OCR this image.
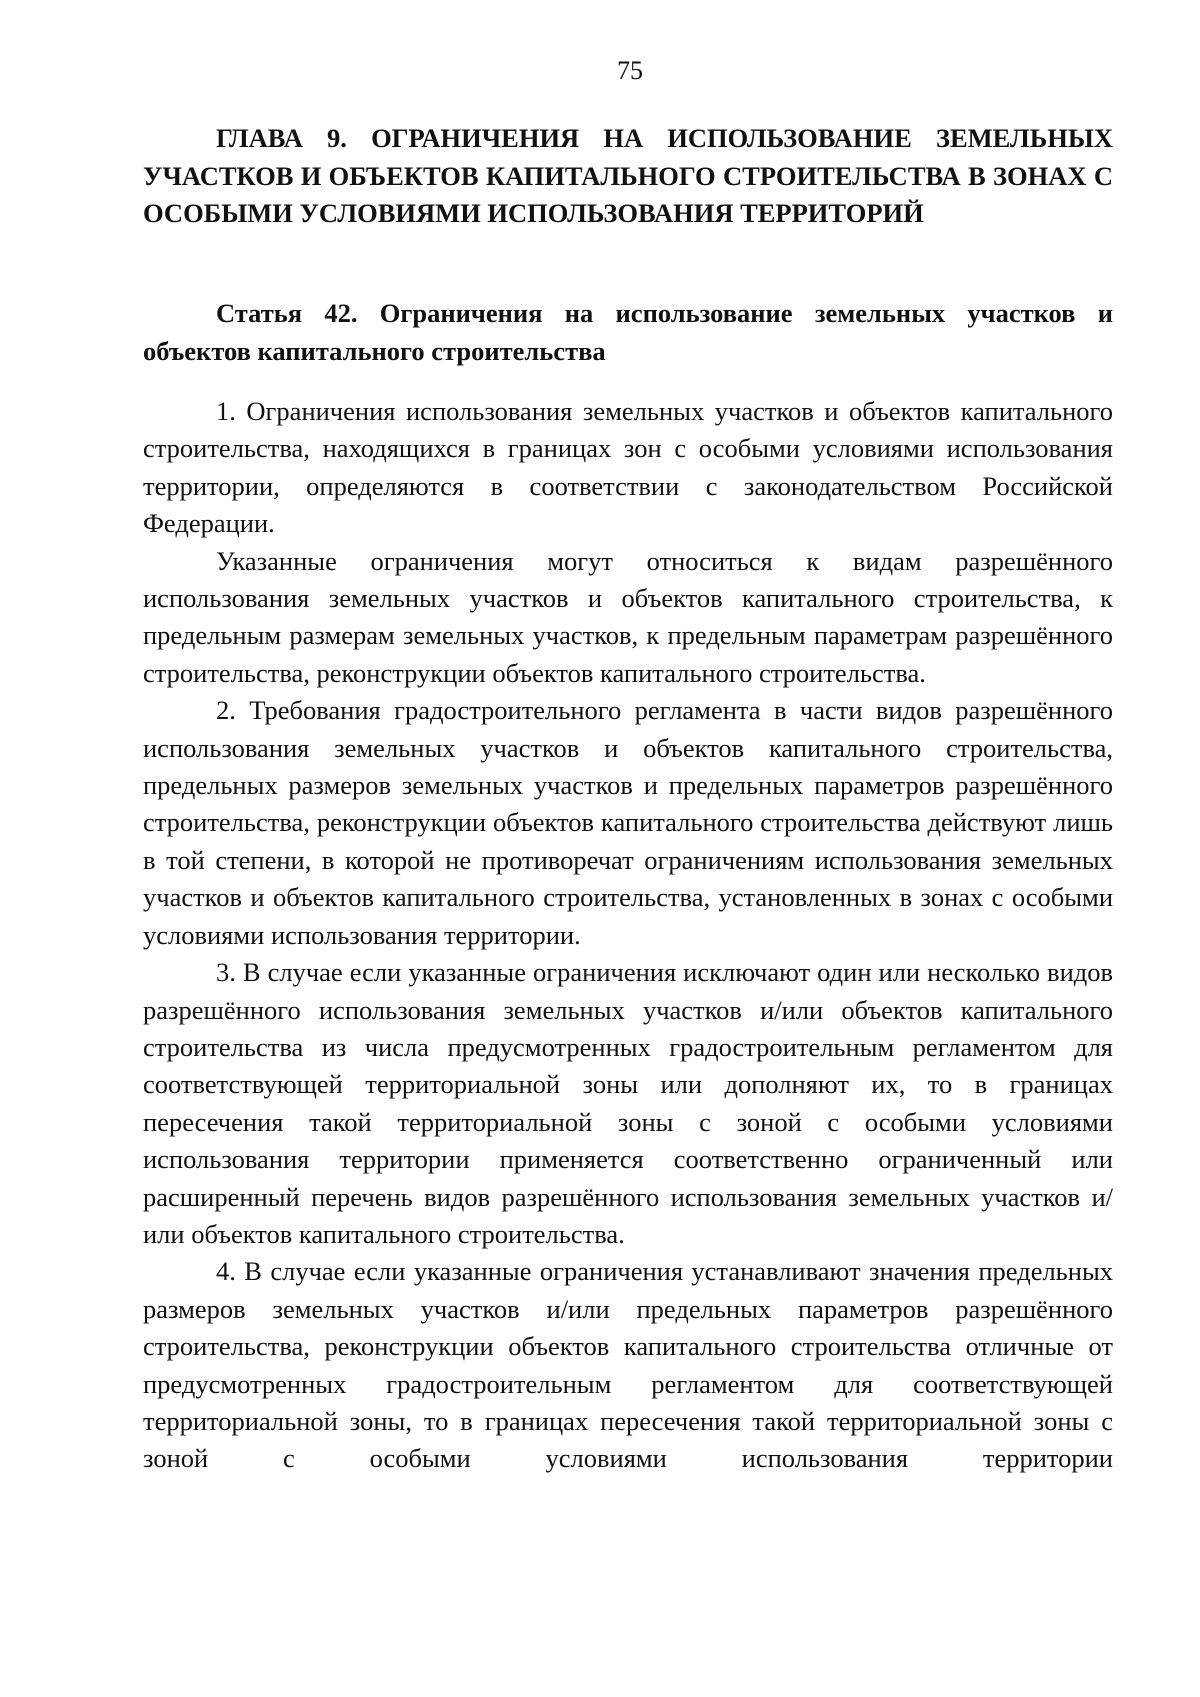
75
ГЛАВА 9. ОГРАНИЧЕНИЯ НА ИСПОЛЬЗОВАНИЕ ЗЕМЕЛЬНЫХ УЧАСТКОВ И ОБЪЕКТОВ КАПИТАЛЬНОГО СТРОИТЕЛЬСТВА В ЗОНАХ С ОСОБЫМИ УСЛОВИЯМИ ИСПОЛЬЗОВАНИЯ ТЕРРИТОРИЙ
Статья 42. Ограничения на использование земельных участков и объектов капитального строительства

1. Ограничения использования земельных участков и объектов капитального строительства, находящихся в границах зон с особыми условиями использования территории, определяются в соответствии с законодательством Российской Федерации.

Указанные ограничения могут относиться к видам разрешённого использования земельных участков и объектов капитального строительства, к предельным размерам земельных участков, к предельным параметрам разрешённого строительства, реконструкции объектов капитального строительства.

2. Требования градостроительного регламента в части видов разрешённого использования земельных участков и объектов капитального строительства, предельных размеров земельных участков и предельных параметров разрешённого строительства, реконструкции объектов капитального строительства действуют лишь в той степени, в которой не противоречат ограничениям использования земельных участков и объектов капитального строительства, установленных в зонах с особыми условиями использования территории.

3. В случае если указанные ограничения исключают один или несколько видов разрешённого использования земельных участков и/или объектов капитального строительства из числа предусмотренных градостроительным регламентом для соответствующей территориальной зоны или дополняют их, то в границах пересечения такой территориальной зоны с зоной с особыми условиями использования территории применяется соответственно ограниченный или расширенный перечень видов разрешённого использования земельных участков и/или объектов капитального строительства.

4. В случае если указанные ограничения устанавливают значения предельных размеров земельных участков и/или предельных параметров разрешённого строительства, реконструкции объектов капитального строительства отличные от предусмотренных градостроительным регламентом для соответствующей территориальной зоны, то в границах пересечения такой территориальной зоны с зоной с особыми условиями использования территории
